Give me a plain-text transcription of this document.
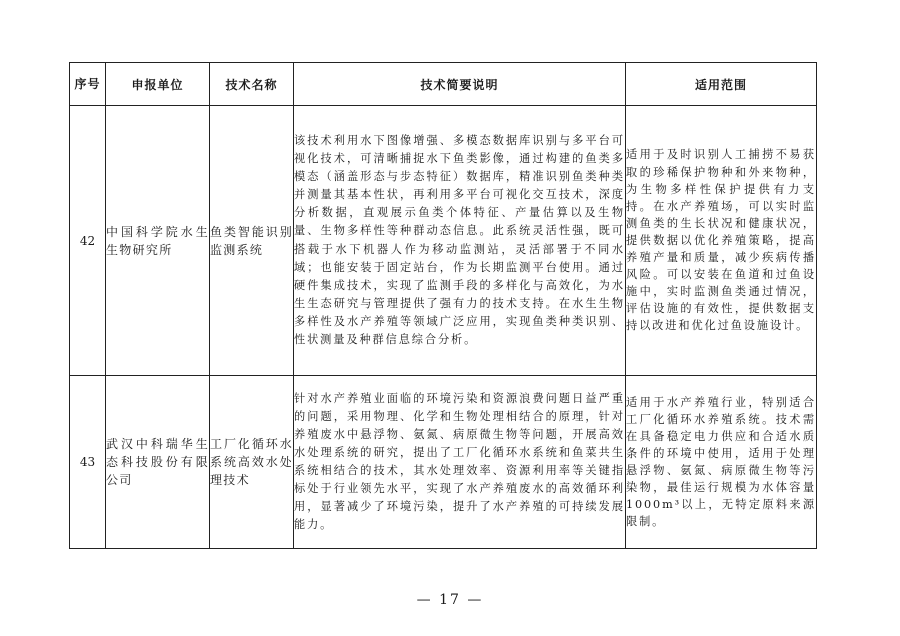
序号	申报单位	技术名称	技术简要说明	适用范围
42	中国科学院水生生物研究所	鱼类智能识别监测系统	该技术利用水下图像增强、多模态数据库识别与多平台可视化技术，可清晰捕捉水下鱼类影像，通过构建的鱼类多模态（涵盖形态与步态特征）数据库，精准识别鱼类种类并测量其基本性状，再利用多平台可视化交互技术，深度分析数据，直观展示鱼类个体特征、产量估算以及生物量、生物多样性等种群动态信息。此系统灵活性强，既可搭载于水下机器人作为移动监测站，灵活部署于不同水域；也能安装于固定站台，作为长期监测平台使用。通过硬件集成技术，实现了监测手段的多样化与高效化，为水生生态研究与管理提供了强有力的技术支持。在水生生物多样性及水产养殖等领域广泛应用，实现鱼类种类识别、性状测量及种群信息综合分析。	适用于及时识别人工捕捞不易获取的珍稀保护物种和外来物种，为生物多样性保护提供有力支持。在水产养殖场，可以实时监测鱼类的生长状况和健康状况，提供数据以优化养殖策略，提高养殖产量和质量，减少疾病传播风险。可以安装在鱼道和过鱼设施中，实时监测鱼类通过情况，评估设施的有效性，提供数据支持以改进和优化过鱼设施设计。

43	武汉中科瑞华生态科技股份有限公司	工厂化循环水系统高效水处理技术	针对水产养殖业面临的环境污染和资源浪费问题日益严重的问题，采用物理、化学和生物处理相结合的原理，针对养殖废水中悬浮物、氨氮、病原微生物等问题，开展高效水处理系统的研究，提出了工厂化循环水系统和鱼菜共生系统相结合的技术，其水处理效率、资源利用率等关键指标处于行业领先水平，实现了水产养殖废水的高效循环利用，显著减少了环境污染，提升了水产养殖的可持续发展能力。	适用于水产养殖行业，特别适合工厂化循环水养殖系统。技术需在具备稳定电力供应和合适水质条件的环境中使用，适用于处理悬浮物、氨氮、病原微生物等污染物，最佳运行规模为水体容量1000m³以上，无特定原料来源限制。
— 17 —
